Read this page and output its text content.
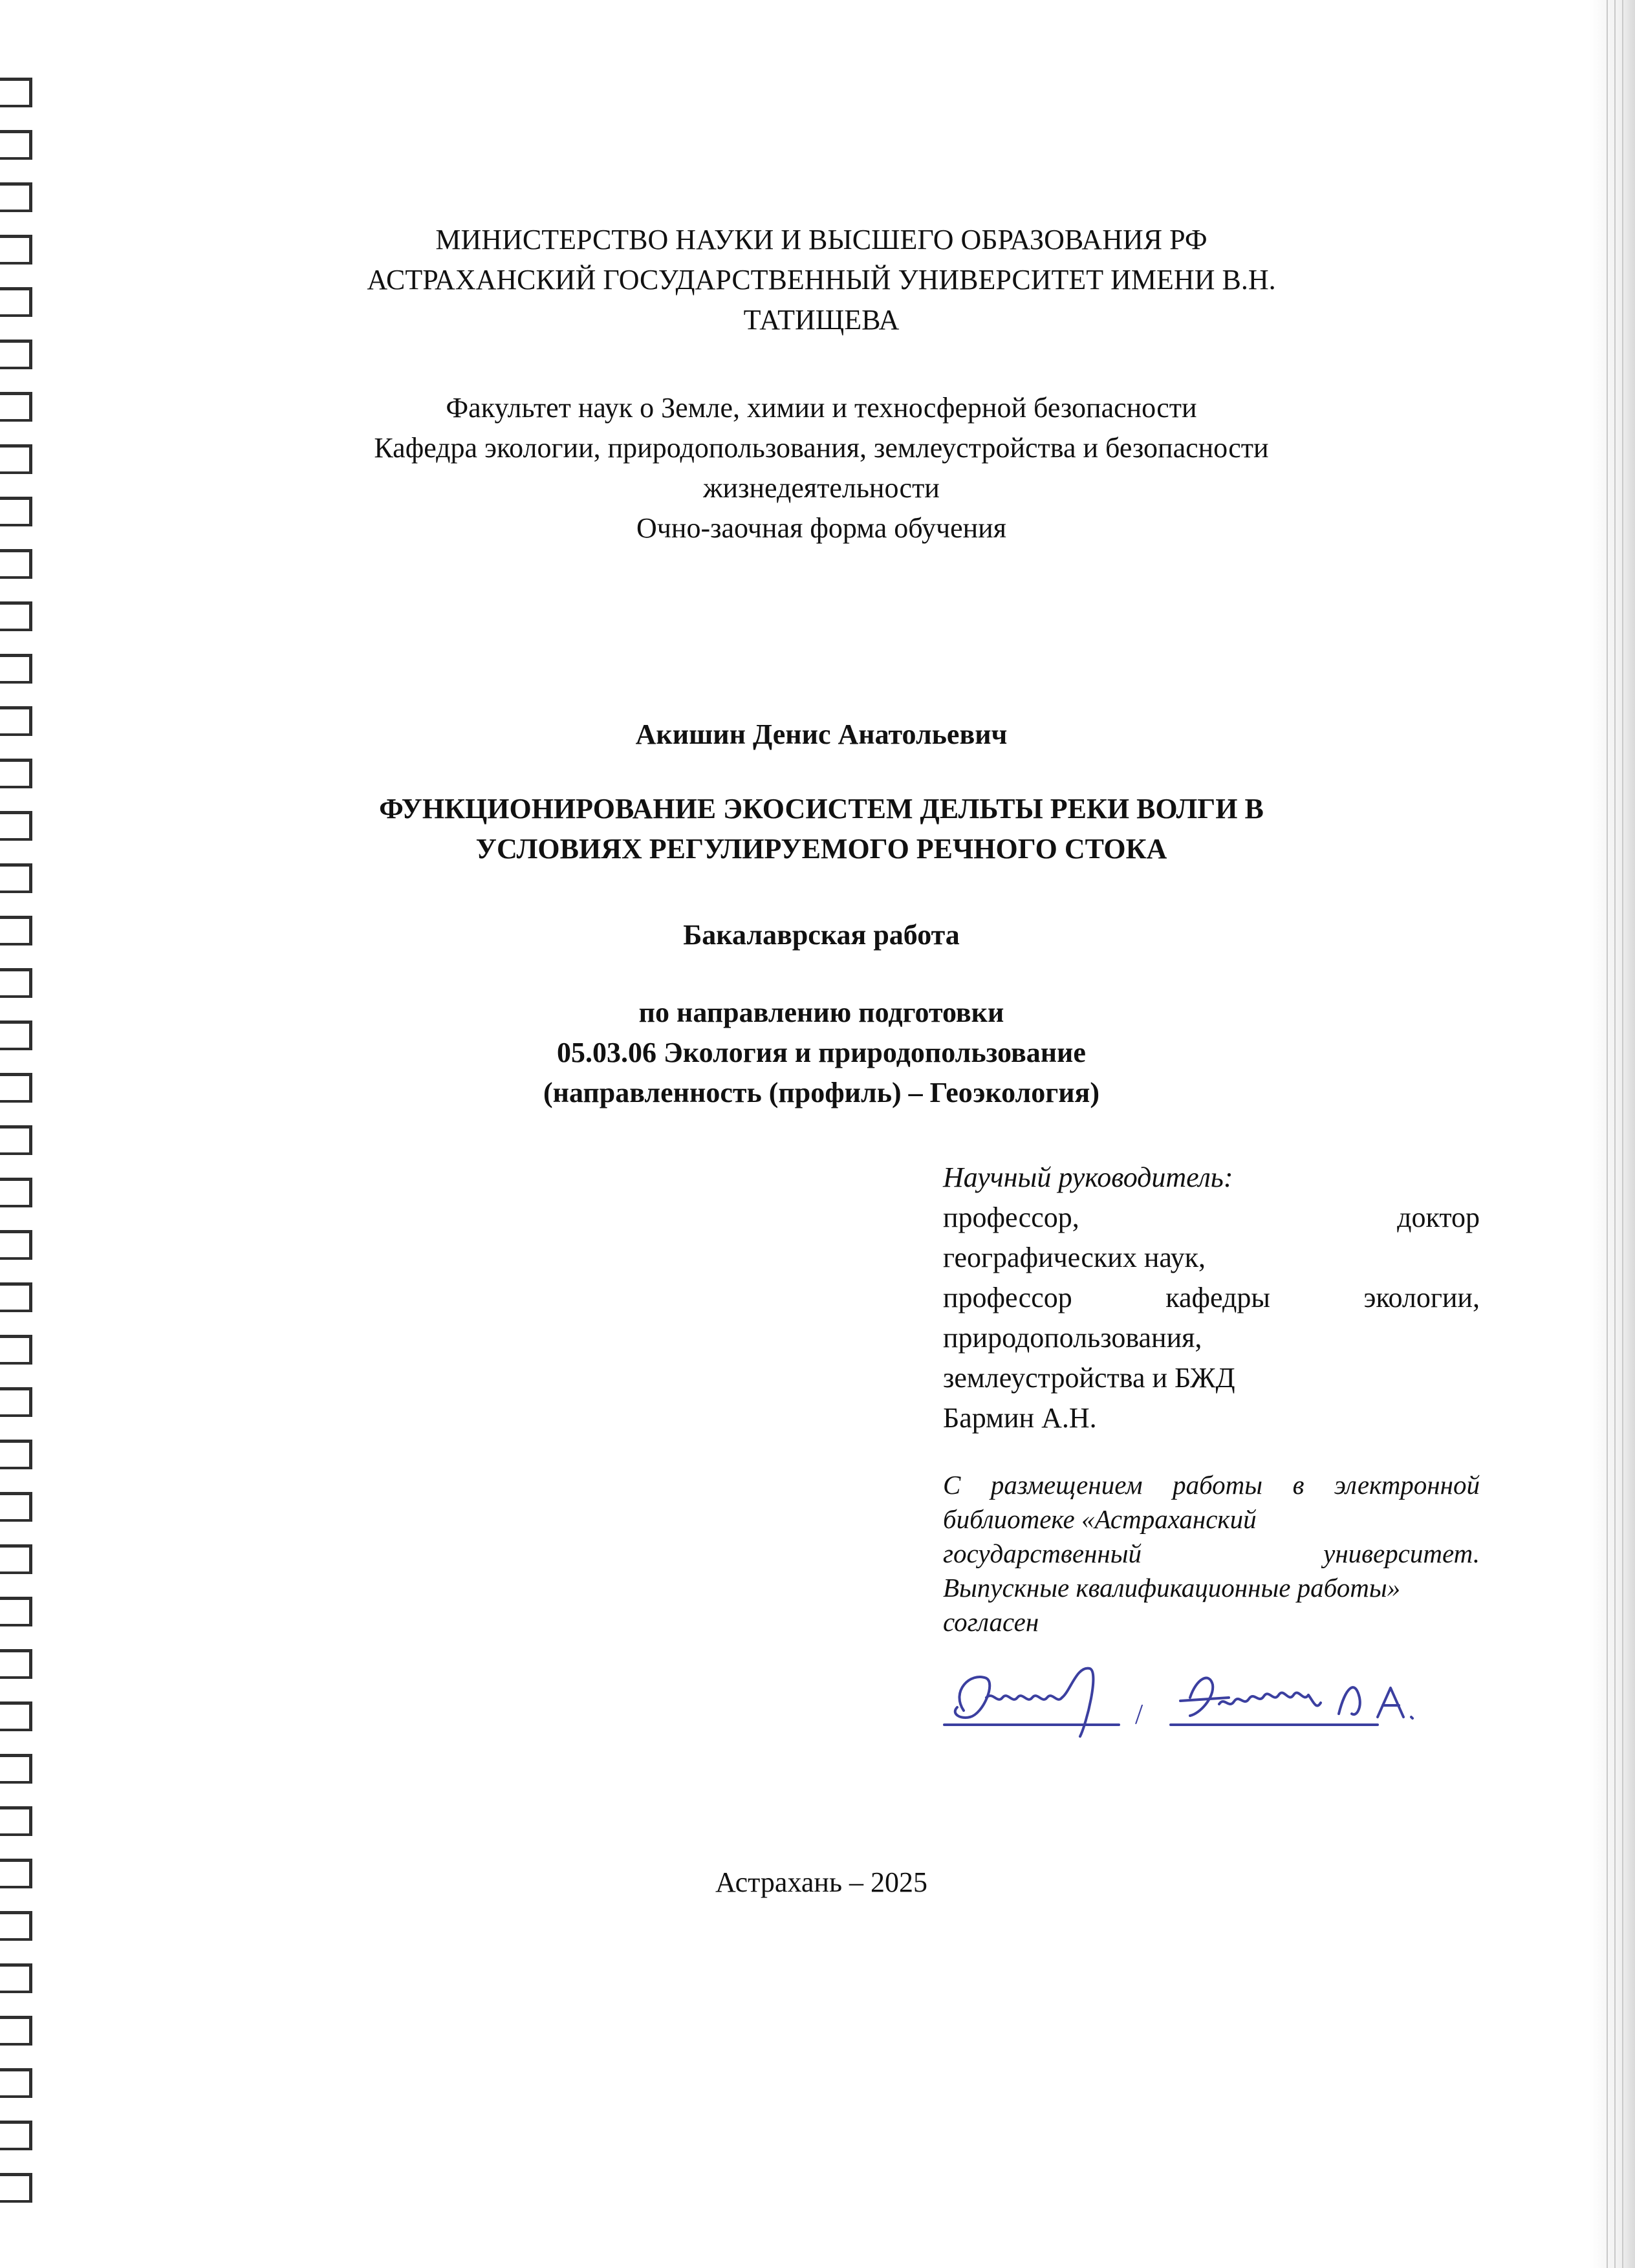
МИНИСТЕРСТВО НАУКИ И ВЫСШЕГО ОБРАЗОВАНИЯ РФ

АСТРАХАНСКИЙ ГОСУДАРСТВЕННЫЙ УНИВЕРСИТЕТ ИМЕНИ В.Н.

ТАТИЩЕВА

Факультет наук о Земле, химии и техносферной безопасности

Кафедра экологии, природопользования, землеустройства и безопасности

жизнедеятельности

Очно-заочная форма обучения

Акишин Денис Анатольевич

ФУНКЦИОНИРОВАНИЕ ЭКОСИСТЕМ ДЕЛЬТЫ РЕКИ ВОЛГИ В

УСЛОВИЯХ РЕГУЛИРУЕМОГО РЕЧНОГО СТОКА

Бакалаврская работа

по направлению подготовки

05.03.06 Экология и природопользование

(направленность (профиль) – Геоэкология)

Научный руководитель:

профессор,	доктор

географических наук,

профессор	кафедры	экологии,

природопользования,

землеустройства и БЖД

Бармин А.Н.

С размещением работы в электронной

библиотеке «Астраханский

государственный	университет.

Выпускные квалификационные работы»

согласен

/
Астрахань – 2025
